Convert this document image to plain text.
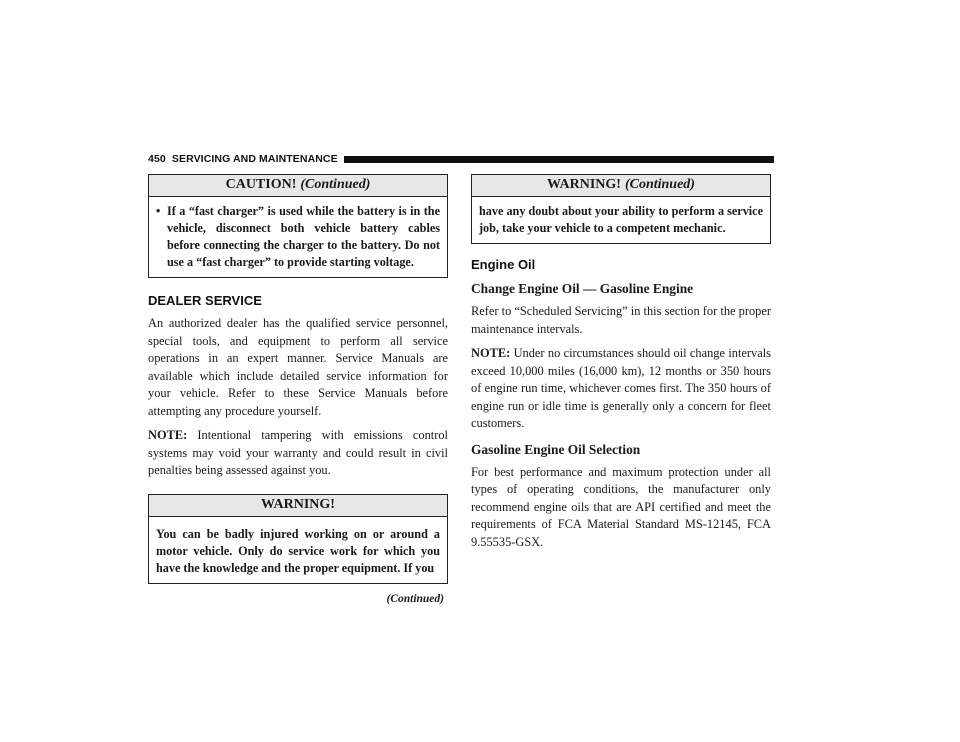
450 SERVICING AND MAINTENANCE
CAUTION! (Continued)
• If a “fast charger” is used while the battery is in the vehicle, disconnect both vehicle battery cables before connecting the charger to the battery. Do not use a “fast charger” to provide starting voltage.
DEALER SERVICE

An authorized dealer has the qualified service personnel, special tools, and equipment to perform all service operations in an expert manner. Service Manuals are available which include detailed service information for your vehicle. Refer to these Service Manuals before attempting any procedure yourself.

NOTE: Intentional tampering with emissions control systems may void your warranty and could result in civil penalties being assessed against you.

WARNING!
You can be badly injured working on or around a motor vehicle. Only do service work for which you have the knowledge and the proper equipment. If you
(Continued)
WARNING! (Continued)
have any doubt about your ability to perform a service job, take your vehicle to a competent mechanic.
Engine Oil
Change Engine Oil — Gasoline Engine

Refer to “Scheduled Servicing” in this section for the proper maintenance intervals.

NOTE: Under no circumstances should oil change intervals exceed 10,000 miles (16,000 km), 12 months or 350 hours of engine run time, whichever comes first. The 350 hours of engine run or idle time is generally only a concern for fleet customers.

Gasoline Engine Oil Selection

For best performance and maximum protection under all types of operating conditions, the manufacturer only recommend engine oils that are API certified and meet the requirements of FCA Material Standard MS-12145, FCA 9.55535-GSX.
